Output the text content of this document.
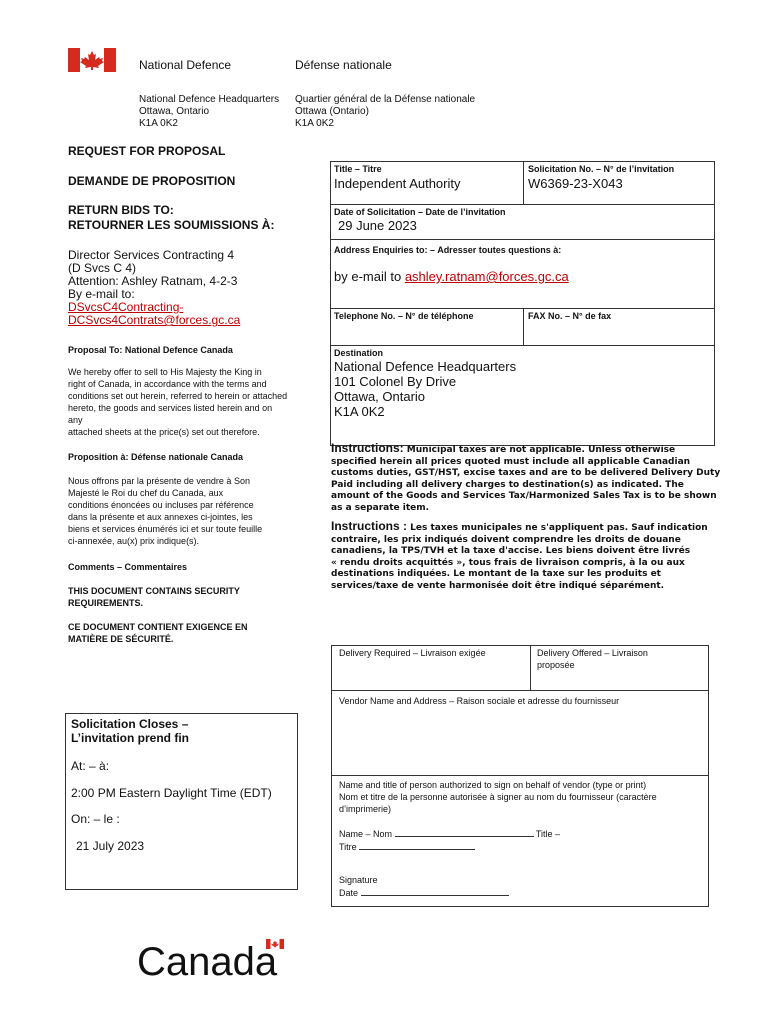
National Defence	Défense nationale
National Defence Headquarters
Ottawa, Ontario
K1A 0K2
Quartier général de la Défense nationale
Ottawa (Ontario)
K1A 0K2
REQUEST FOR PROPOSAL
DEMANDE DE PROPOSITION
RETURN BIDS TO:
RETOURNER LES SOUMISSIONS À:
Director Services Contracting 4
(D Svcs C 4)
Attention: Ashley Ratnam, 4-2-3
By e-mail to:
DSvcsC4Contracting-
DCSvcs4Contrats@forces.gc.ca
Proposal To: National Defence Canada
We hereby offer to sell to His Majesty the King in
right of Canada, in accordance with the terms and
conditions set out herein, referred to herein or attached
hereto, the goods and services listed herein and on
any
attached sheets at the price(s) set out therefore.
Proposition à: Défense nationale Canada
Nous offrons par la présente de vendre à Son
Majesté le Roi du chef du Canada, aux
conditions énoncées ou incluses par référence
dans la présente et aux annexes ci-jointes, les
biens et services énumérés ici et sur toute feuille
ci-annexée, au(x) prix indique(s).
Comments – Commentaires
THIS DOCUMENT CONTAINS SECURITY
REQUIREMENTS.
CE DOCUMENT CONTIENT EXIGENCE EN
MATIÈRE DE SÉCURITÉ.
Solicitation Closes –
L’invitation prend fin
At: – à:
2:00 PM Eastern Daylight Time (EDT)
On: – le :
21 July 2023
Title – Titre
Independent Authority
Solicitation No. – N° de l’invitation
W6369-23-X043
Date of Solicitation – Date de l’invitation
29 June 2023
Address Enquiries to: – Adresser toutes questions à:
by e-mail to ashley.ratnam@forces.gc.ca
Telephone No. – N° de téléphone	FAX No. – N° de fax
Destination
National Defence Headquarters
101 Colonel By Drive
Ottawa, Ontario
K1A 0K2
Instructions: Municipal taxes are not applicable. Unless otherwise
specified herein all prices quoted must include all applicable Canadian
customs duties, GST/HST, excise taxes and are to be delivered Delivery Duty
Paid including all delivery charges to destination(s) as indicated. The
amount of the Goods and Services Tax/Harmonized Sales Tax is to be shown
as a separate item.
Instructions : Les taxes municipales ne s'appliquent pas. Sauf indication
contraire, les prix indiqués doivent comprendre les droits de douane
canadiens, la TPS/TVH et la taxe d'accise. Les biens doivent être livrés
« rendu droits acquittés », tous frais de livraison compris, à la ou aux
destinations indiquées. Le montant de la taxe sur les produits et
services/taxe de vente harmonisée doit être indiqué séparément.
Delivery Required – Livraison exigée	Delivery Offered – Livraison
proposée
Vendor Name and Address – Raison sociale et adresse du fournisseur
Name and title of person authorized to sign on behalf of vendor (type or print)
Nom et titre de la personne autorisée à signer au nom du fournisseur (caractère
d’imprimerie)
Name – Nom	Title –
Titre
Signature
Date
Canada
